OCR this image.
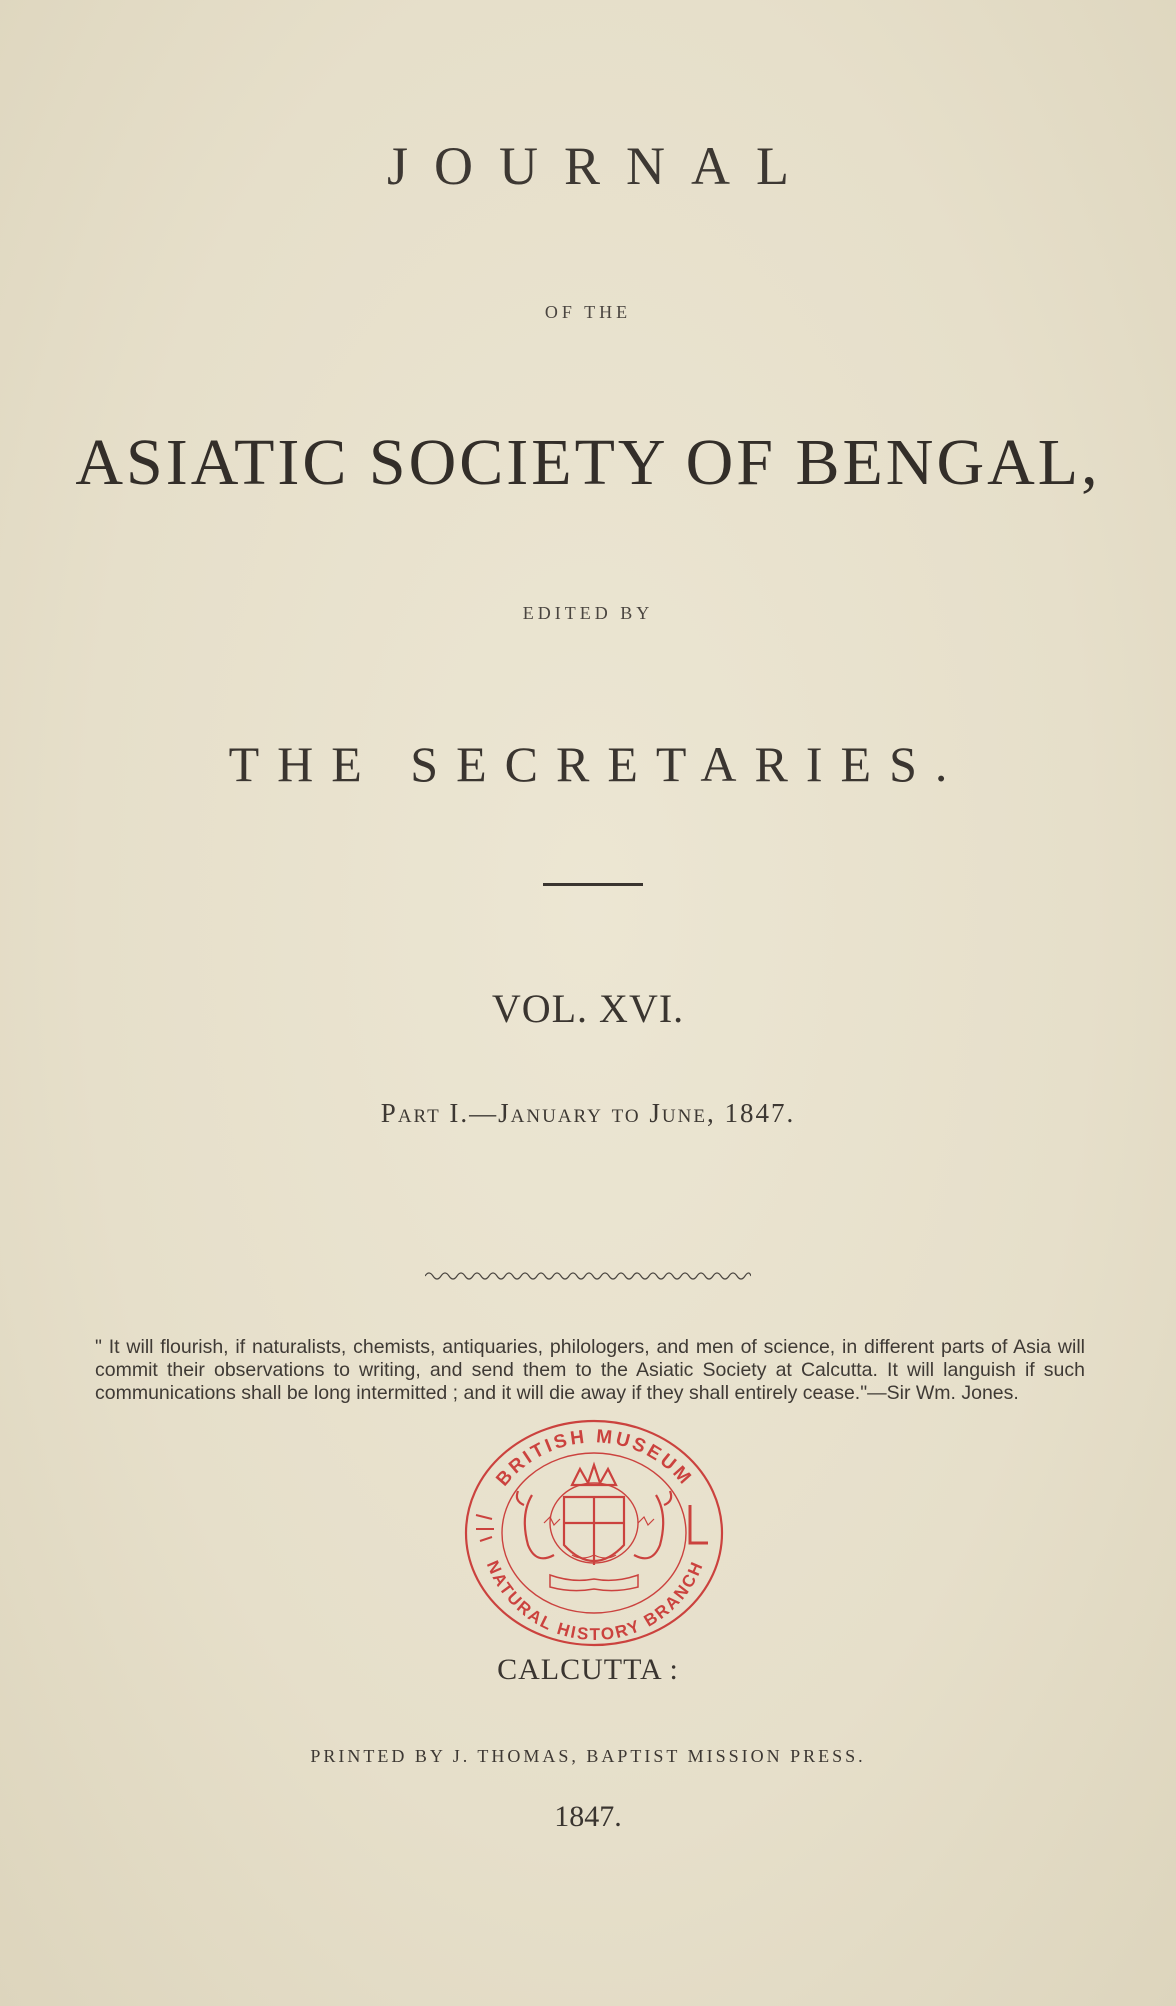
JOURNAL
OF THE
ASIATIC SOCIETY OF BENGAL,
EDITED BY
THE SECRETARIES.
VOL. XVI.
Part I.—January to June, 1847.
" It will flourish, if naturalists, chemists, antiquaries, philologers, and men of science, in different parts of Asia will commit their observations to writing, and send them to the Asiatic Society at Calcutta. It will languish if such communications shall be long intermitted ; and it will die away if they shall entirely cease."—Sir Wm. Jones.
BRITISH MUSEUM
NATURAL HISTORY BRANCH
CALCUTTA :
PRINTED BY J. THOMAS, BAPTIST MISSION PRESS.
1847.
